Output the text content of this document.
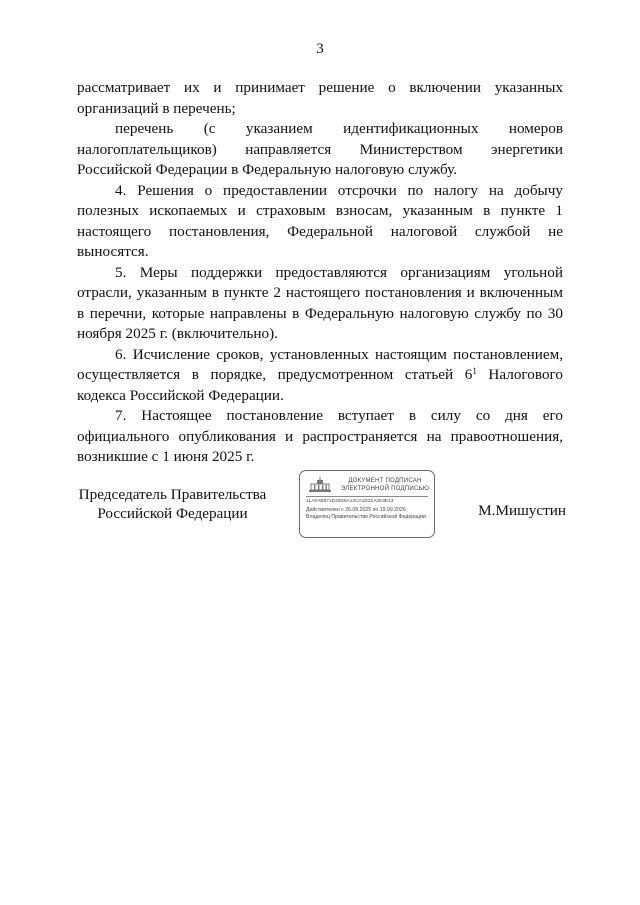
3

рассматривает их и принимает решение о включении указанных организаций в перечень;

перечень (с указанием идентификационных номеров налогоплательщиков) направляется Министерством энергетики Российской Федерации в Федеральную налоговую службу.

4. Решения о предоставлении отсрочки по налогу на добычу полезных ископаемых и страховым взносам, указанным в пункте 1 настоящего постановления, Федеральной налоговой службой не выносятся.

5. Меры поддержки предоставляются организациям угольной отрасли, указанным в пункте 2 настоящего постановления и включенным в перечни, которые направлены в Федеральную налоговую службу по 30 ноября 2025 г. (включительно).

6. Исчисление сроков, установленных настоящим постановлением, осуществляется в порядке, предусмотренном статьей $6^1$ Налогового кодекса Российской Федерации.

7. Настоящее постановление вступает в силу со дня его официального опубликования и распространяется на правоотношения, возникшие с 1 июня 2025 г.

Председатель Правительства
Российской Федерации
ДОКУМЕНТ ПОДПИСАН
ЭЛЕКТРОННОЙ ПОДПИСЬЮ
1LAFAB971D32D6A12CA1D22A2E3E13
Действителен с 26.08.2025 по 19.09.2026
Владелец Правительство Российской Федерации	М.Мишустин
